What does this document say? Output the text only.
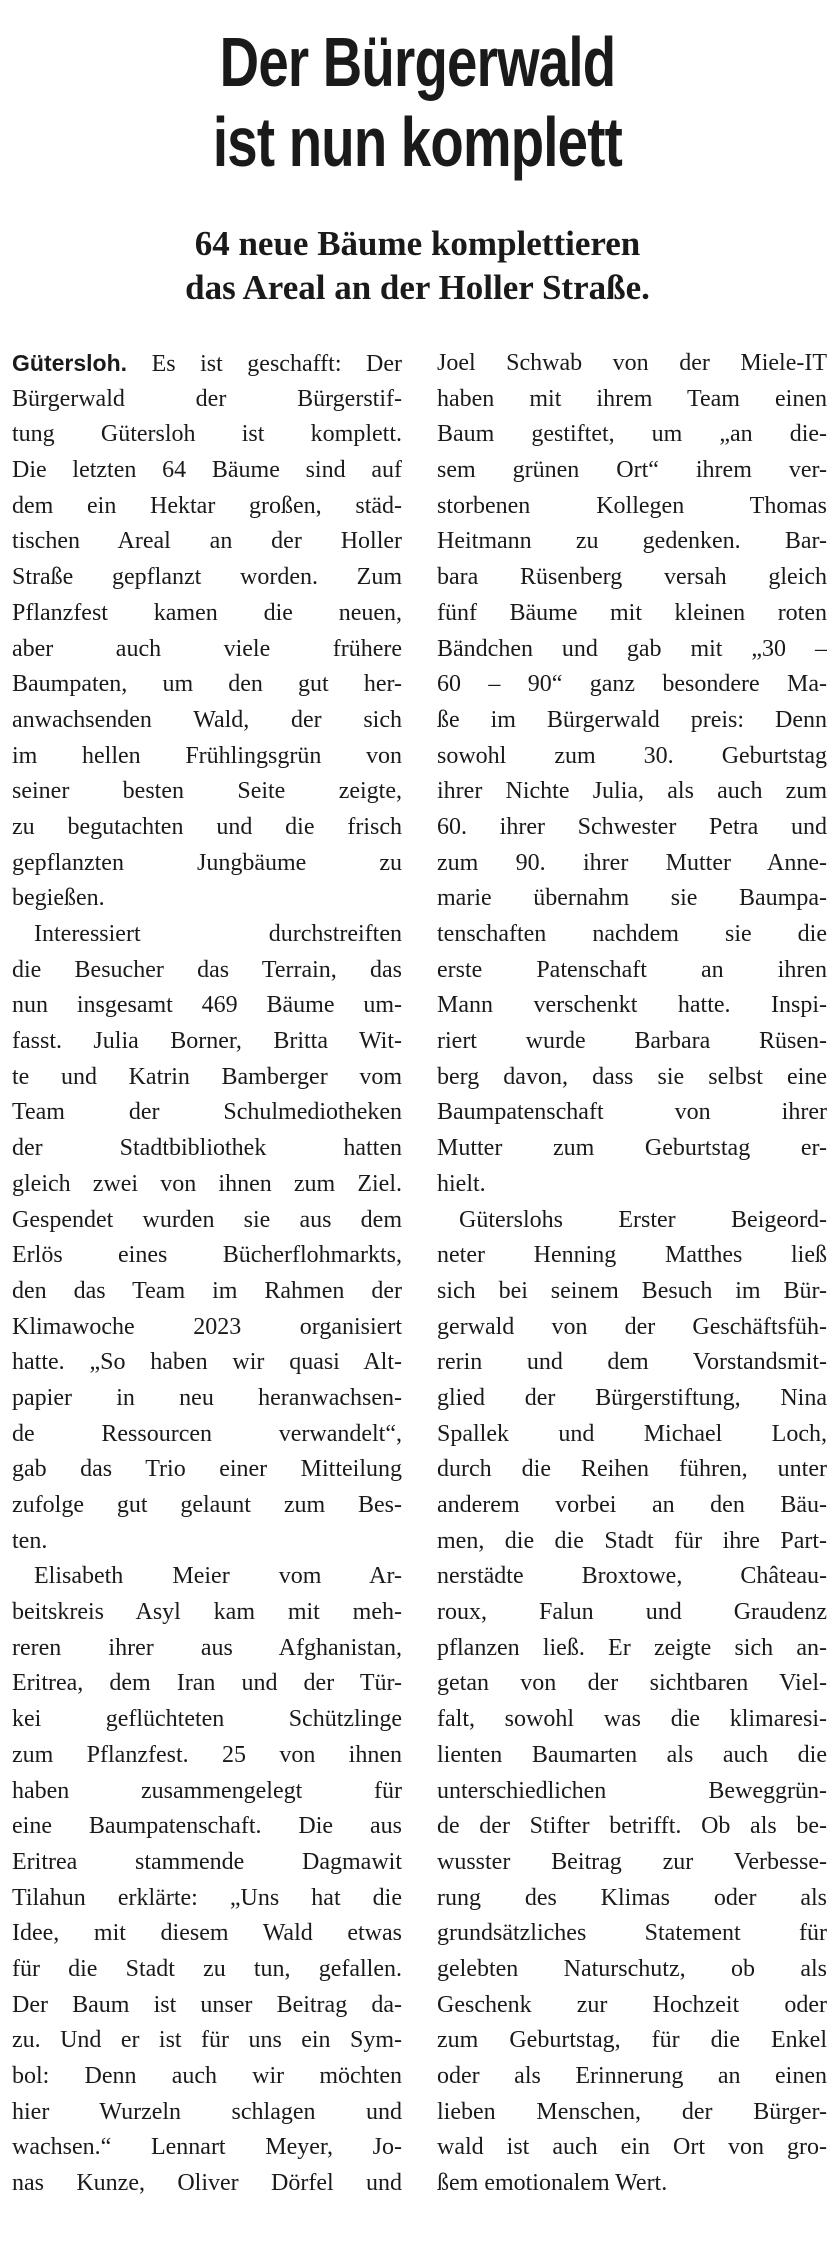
Der Bürgerwald
ist nun komplett
64 neue Bäume komplettieren
das Areal an der Holler Straße.
Gütersloh. Es ist geschafft: Der
Bürgerwald der Bürgerstif-
tung Gütersloh ist komplett.
Die letzten 64 Bäume sind auf
dem ein Hektar großen, städ-
tischen Areal an der Holler
Straße gepflanzt worden. Zum
Pflanzfest kamen die neuen,
aber auch viele frühere
Baumpaten, um den gut her-
anwachsenden Wald, der sich
im hellen Frühlingsgrün von
seiner besten Seite zeigte,
zu begutachten und die frisch
gepflanzten Jungbäume zu
begießen.
Interessiert durchstreiften
die Besucher das Terrain, das
nun insgesamt 469 Bäume um-
fasst. Julia Borner, Britta Wit-
te und Katrin Bamberger vom
Team der Schulmediotheken
der Stadtbibliothek hatten
gleich zwei von ihnen zum Ziel.
Gespendet wurden sie aus dem
Erlös eines Bücherflohmarkts,
den das Team im Rahmen der
Klimawoche 2023 organisiert
hatte. „So haben wir quasi Alt-
papier in neu heranwachsen-
de Ressourcen verwandelt“,
gab das Trio einer Mitteilung
zufolge gut gelaunt zum Bes-
ten.
Elisabeth Meier vom Ar-
beitskreis Asyl kam mit meh-
reren ihrer aus Afghanistan,
Eritrea, dem Iran und der Tür-
kei geflüchteten Schützlinge
zum Pflanzfest. 25 von ihnen
haben zusammengelegt für
eine Baumpatenschaft. Die aus
Eritrea stammende Dagmawit
Tilahun erklärte: „Uns hat die
Idee, mit diesem Wald etwas
für die Stadt zu tun, gefallen.
Der Baum ist unser Beitrag da-
zu. Und er ist für uns ein Sym-
bol: Denn auch wir möchten
hier Wurzeln schlagen und
wachsen.“ Lennart Meyer, Jo-
nas Kunze, Oliver Dörfel und
Joel Schwab von der Miele-IT
haben mit ihrem Team einen
Baum gestiftet, um „an die-
sem grünen Ort“ ihrem ver-
storbenen Kollegen Thomas
Heitmann zu gedenken. Bar-
bara Rüsenberg versah gleich
fünf Bäume mit kleinen roten
Bändchen und gab mit „30 –
60 – 90“ ganz besondere Ma-
ße im Bürgerwald preis: Denn
sowohl zum 30. Geburtstag
ihrer Nichte Julia, als auch zum
60. ihrer Schwester Petra und
zum 90. ihrer Mutter Anne-
marie übernahm sie Baumpa-
tenschaften nachdem sie die
erste Patenschaft an ihren
Mann verschenkt hatte. Inspi-
riert wurde Barbara Rüsen-
berg davon, dass sie selbst eine
Baumpatenschaft von ihrer
Mutter zum Geburtstag er-
hielt.
Güterslohs Erster Beigeord-
neter Henning Matthes ließ
sich bei seinem Besuch im Bür-
gerwald von der Geschäftsfüh-
rerin und dem Vorstandsmit-
glied der Bürgerstiftung, Nina
Spallek und Michael Loch,
durch die Reihen führen, unter
anderem vorbei an den Bäu-
men, die die Stadt für ihre Part-
nerstädte Broxtowe, Château-
roux, Falun und Graudenz
pflanzen ließ. Er zeigte sich an-
getan von der sichtbaren Viel-
falt, sowohl was die klimaresi-
lienten Baumarten als auch die
unterschiedlichen Beweggrün-
de der Stifter betrifft. Ob als be-
wusster Beitrag zur Verbesse-
rung des Klimas oder als
grundsätzliches Statement für
gelebten Naturschutz, ob als
Geschenk zur Hochzeit oder
zum Geburtstag, für die Enkel
oder als Erinnerung an einen
lieben Menschen, der Bürger-
wald ist auch ein Ort von gro-
ßem emotionalem Wert.
